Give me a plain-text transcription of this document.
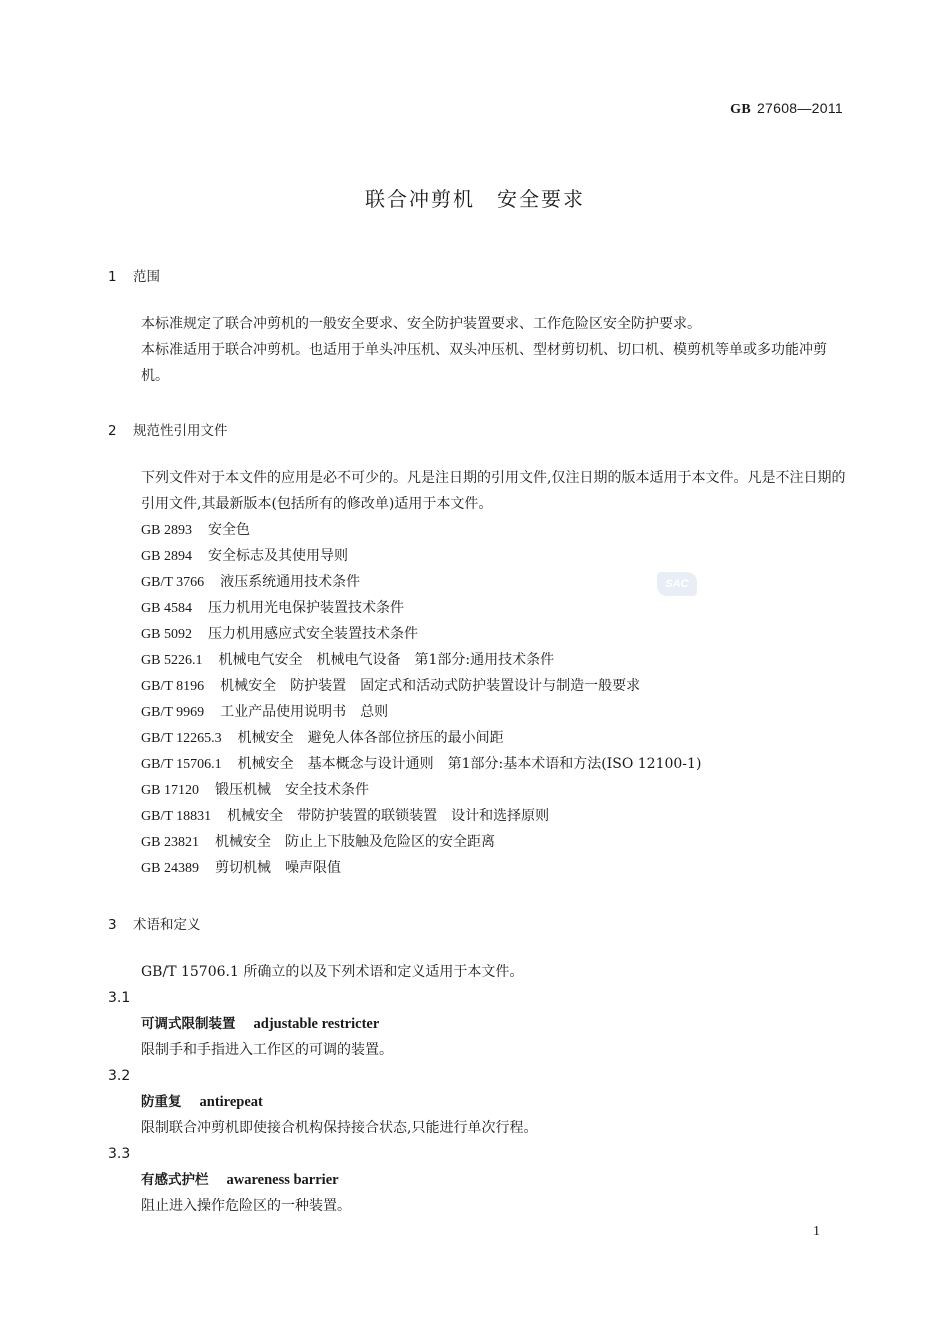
GB 27608—2011
联合冲剪机 安全要求
1 范围
本标准规定了联合冲剪机的一般安全要求、安全防护装置要求、工作危险区安全防护要求。
本标准适用于联合冲剪机。也适用于单头冲压机、双头冲压机、型材剪切机、切口机、模剪机等单或多功能冲剪机。
2 规范性引用文件
下列文件对于本文件的应用是必不可少的。凡是注日期的引用文件,仅注日期的版本适用于本文件。凡是不注日期的引用文件,其最新版本(包括所有的修改单)适用于本文件。
GB 2893 安全色
GB 2894 安全标志及其使用导则
GB/T 3766 液压系统通用技术条件
GB 4584 压力机用光电保护装置技术条件
GB 5092 压力机用感应式安全装置技术条件
GB 5226.1 机械电气安全　机械电气设备　第1部分:通用技术条件
GB/T 8196 机械安全　防护装置　固定式和活动式防护装置设计与制造一般要求
GB/T 9969 工业产品使用说明书　总则
GB/T 12265.3 机械安全　避免人体各部位挤压的最小间距
GB/T 15706.1 机械安全　基本概念与设计通则　第1部分:基本术语和方法(ISO 12100-1)
GB 17120 锻压机械　安全技术条件
GB/T 18831 机械安全　带防护装置的联锁装置　设计和选择原则
GB 23821 机械安全　防止上下肢触及危险区的安全距离
GB 24389 剪切机械　噪声限值
SAC
3 术语和定义
GB/T 15706.1 所确立的以及下列术语和定义适用于本文件。
3.1
可调式限制装置 adjustable restricter
限制手和手指进入工作区的可调的装置。
3.2
防重复 antirepeat
限制联合冲剪机即使接合机构保持接合状态,只能进行单次行程。
3.3
有感式护栏 awareness barrier
阻止进入操作危险区的一种装置。
1
